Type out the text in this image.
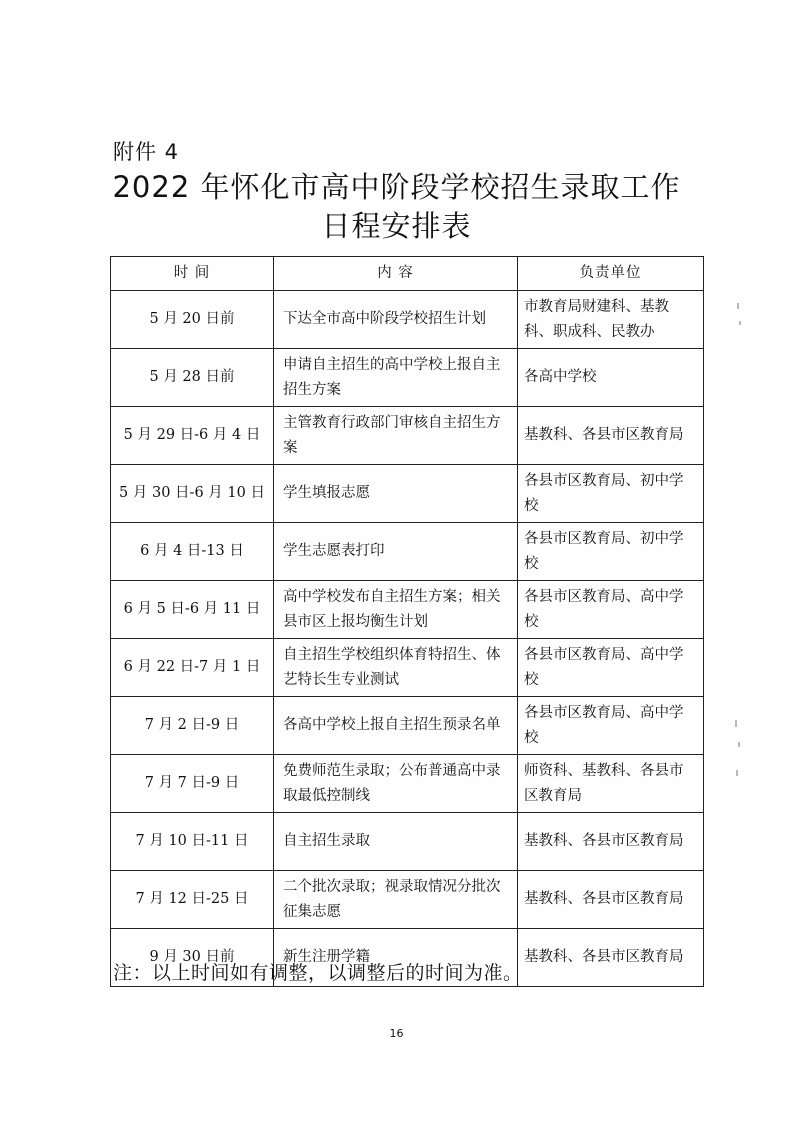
附件 4
2022 年怀化市高中阶段学校招生录取工作
日程安排表
时 间	内 容	负责单位
5 月 20 日前	下达全市高中阶段学校招生计划	市教育局财建科、基教科、职成科、民教办
5 月 28 日前	申请自主招生的高中学校上报自主招生方案	各高中学校
5 月 29 日-6 月 4 日	主管教育行政部门审核自主招生方案	基教科、各县市区教育局
5 月 30 日-6 月 10 日	学生填报志愿	各县市区教育局、初中学校
6 月 4 日-13 日	学生志愿表打印	各县市区教育局、初中学校
6 月 5 日-6 月 11 日	高中学校发布自主招生方案；相关县市区上报均衡生计划	各县市区教育局、高中学校
6 月 22 日-7 月 1 日	自主招生学校组织体育特招生、体艺特长生专业测试	各县市区教育局、高中学校
7 月 2 日-9 日	各高中学校上报自主招生预录名单	各县市区教育局、高中学校
7 月 7 日-9 日	免费师范生录取；公布普通高中录取最低控制线	师资科、基教科、各县市区教育局
7 月 10 日-11 日	自主招生录取	基教科、各县市区教育局
7 月 12 日-25 日	二个批次录取；视录取情况分批次征集志愿	基教科、各县市区教育局
9 月 30 日前	新生注册学籍	基教科、各县市区教育局
注：以上时间如有调整，以调整后的时间为准。
16
